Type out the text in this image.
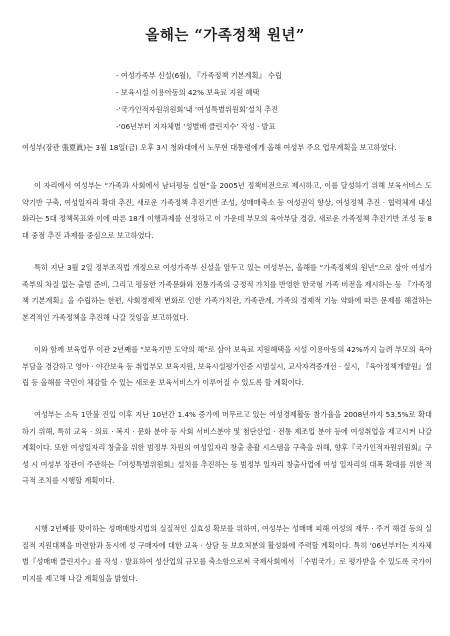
올해는 “가족정책 원년”
- 여성가족부 신설(6월), 『가족정책 기본계획』 수립
- 보육시설 이용아동의 42% 보육료 지원 혜택
-‘국가인적자원위원회’내 ‘여성특별위원회’설치 추진
-‘06년부터 지자체별 ‘성별배 클린지수’ 작성 · 발표

여성부(장관 張夏眞)는 3월 18일(금) 오후 3시 청와대에서 노무현 대통령에게 올해 여성부 주요 업무계획을 보고하였다.

이 자리에서 여성부는 “가족과 사회에서 남녀평등 실현”을 2005년 정책비전으로 제시하고, 이를 달성하기 위해 보육서비스 도약기반 구축, 여성일자리 확대 추진, 새로운 가족정책 추진기반 조성, 성매매축소 등 여성권익 향상, 여성정책 추진 · 협력체계 내실화라는 5대 정책목표와 이에 따른 18개 이행과제를 선정하고 이 가운데 부모의 육아부담 경감, 새로운 가족정책 추진기반 조성 등 8대 중점 추진 과제를 중심으로 보고하였다.

특히 지난 3월 2일 정부조직법 개정으로 여성가족부 신설을 앞두고 있는 여성부는, 올해를 “가족정책의 원년”으로 삼아 여성가족부의 차질 없는 출범 준비, 그리고 평등한 가족문화와 전통가족의 긍정적 가치를 반영한 한국형 가족 비전을 제시하는 등 『가족정책 기본계획』을 수립하는 한편, 사회경제적 변화로 인한 가족가치관, 가족관계, 가족의 경제적 기능 약화에 따른 문제를 해결하는 본격적인 가족정책을 추진해 나갈 것임을 보고하였다.

이와 함께 보육업무 이관 2년째를 “보육기반 도약의 해”로 삼아 보육료 지원혜택을 시설 이용아동의 42%까지 늘려 부모의 육아부담을 경감하고 영아 · 야간보육 등 취업부모 보육지원, 보육시설평가인증 시범실시, 교사자격증개선 · 실시, 『육아정책개발원』설립 등 올해를 국민이 체감할 수 있는 새로운 보육서비스가 이루어질 수 있도록 할 계획이다.

여성부는 소득 1만불 진입 이후 지난 10년간 1.4% 증가에 머무르고 있는 여성경제활동 참가율을 2008년까지 53.5%로 확대하기 위해, 특히 교육 · 의료 · 복지 · 문화 분야 등 사회 서비스분야 및 첨단산업 · 전통 제조업 분야 등에 여성취업을 제고시켜 나갈 계획이다. 또한 여성일자리 창출을 위한 범정부 차원의 여성일자리 창출 총괄 시스템을 구축을 위해, 향후『국가인적자원위원회』구성 시 여성부 장관이 주관하는『여성특별위원회』설치를 추진하는 등 범정부 일자리 창출사업에 여성 일자리의 대폭 확대를 위한 적극적 조치를 시행할 계획이다.

시행 2년째를 맞이하는 성매매방지법의 실질적인 실효성 확보를 위하여, 여성부는 성매매 피해 여성의 재무 · 주거 해결 등의 실질적 지원대책을 마련함과 동시에 성 구매자에 대한 교육 · 상담 등 보호처분의 활성화에 주력할 계획이다. 특히 ‘06년부터는 지자체별『성매매 클린지수』를 작성 · 발표하여 성산업의 규모를 축소함으로써 국제사회에서 「수범국가」로 평가받을 수 있도록 국가이미지를 제고해 나갈 계획임을 밝혔다.
